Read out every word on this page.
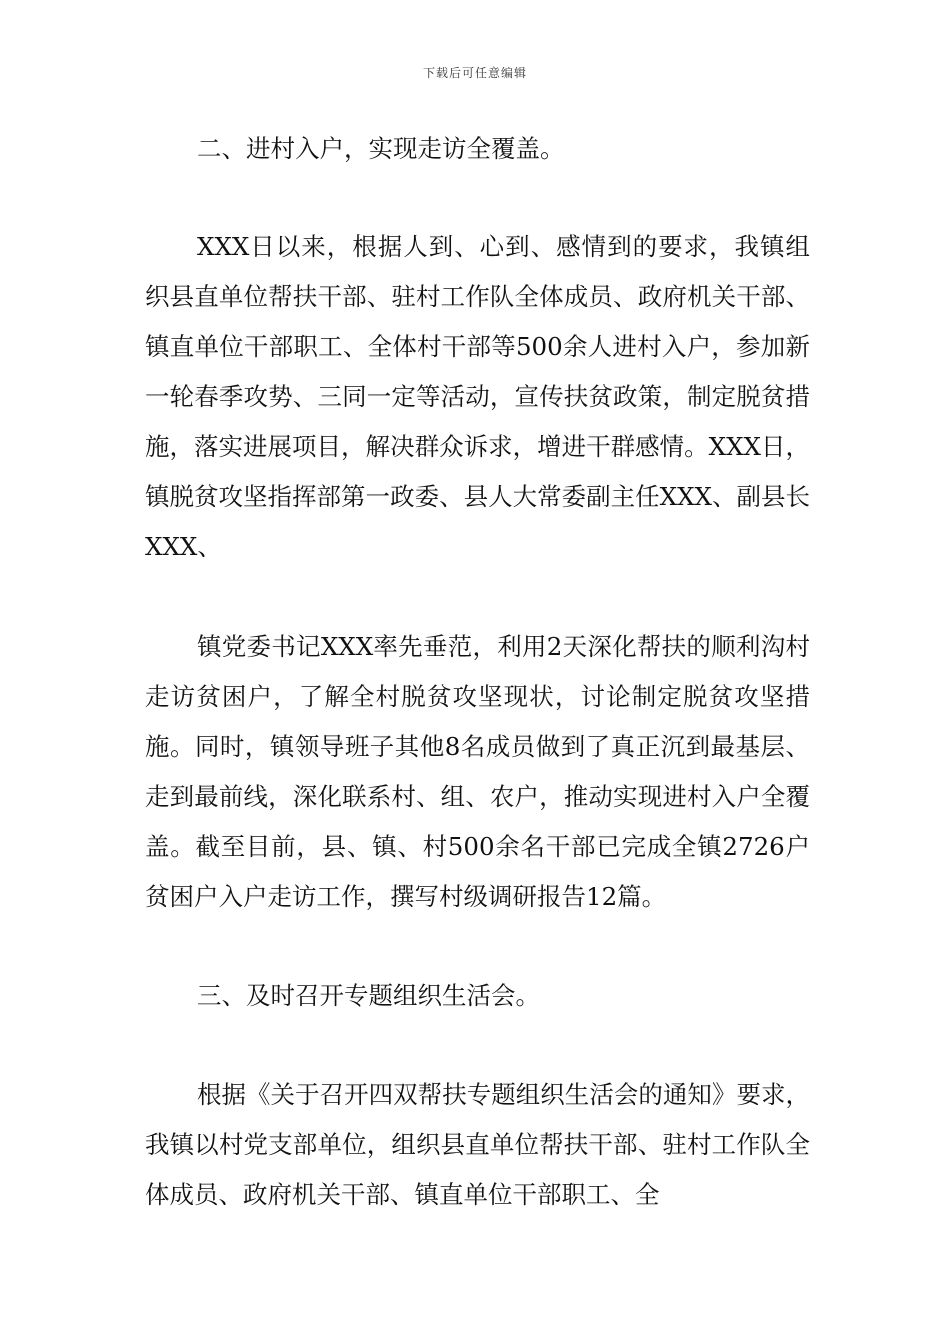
下载后可任意编辑

二、进村入户，实现走访全覆盖。

XXX日以来，根据人到、心到、感情到的要求，我镇组织县直单位帮扶干部、驻村工作队全体成员、政府机关干部、镇直单位干部职工、全体村干部等500余人进村入户，参加新一轮春季攻势、三同一定等活动，宣传扶贫政策，制定脱贫措施，落实进展项目，解决群众诉求，增进干群感情。XXX日，镇脱贫攻坚指挥部第一政委、县人大常委副主任XXX、副县长XXX、

镇党委书记XXX率先垂范，利用2天深化帮扶的顺利沟村走访贫困户，了解全村脱贫攻坚现状，讨论制定脱贫攻坚措施。同时，镇领导班子其他8名成员做到了真正沉到最基层、走到最前线，深化联系村、组、农户，推动实现进村入户全覆盖。截至目前，县、镇、村500余名干部已完成全镇2726户贫困户入户走访工作，撰写村级调研报告12篇。

三、及时召开专题组织生活会。

根据《关于召开四双帮扶专题组织生活会的通知》要求，我镇以村党支部单位，组织县直单位帮扶干部、驻村工作队全体成员、政府机关干部、镇直单位干部职工、全
